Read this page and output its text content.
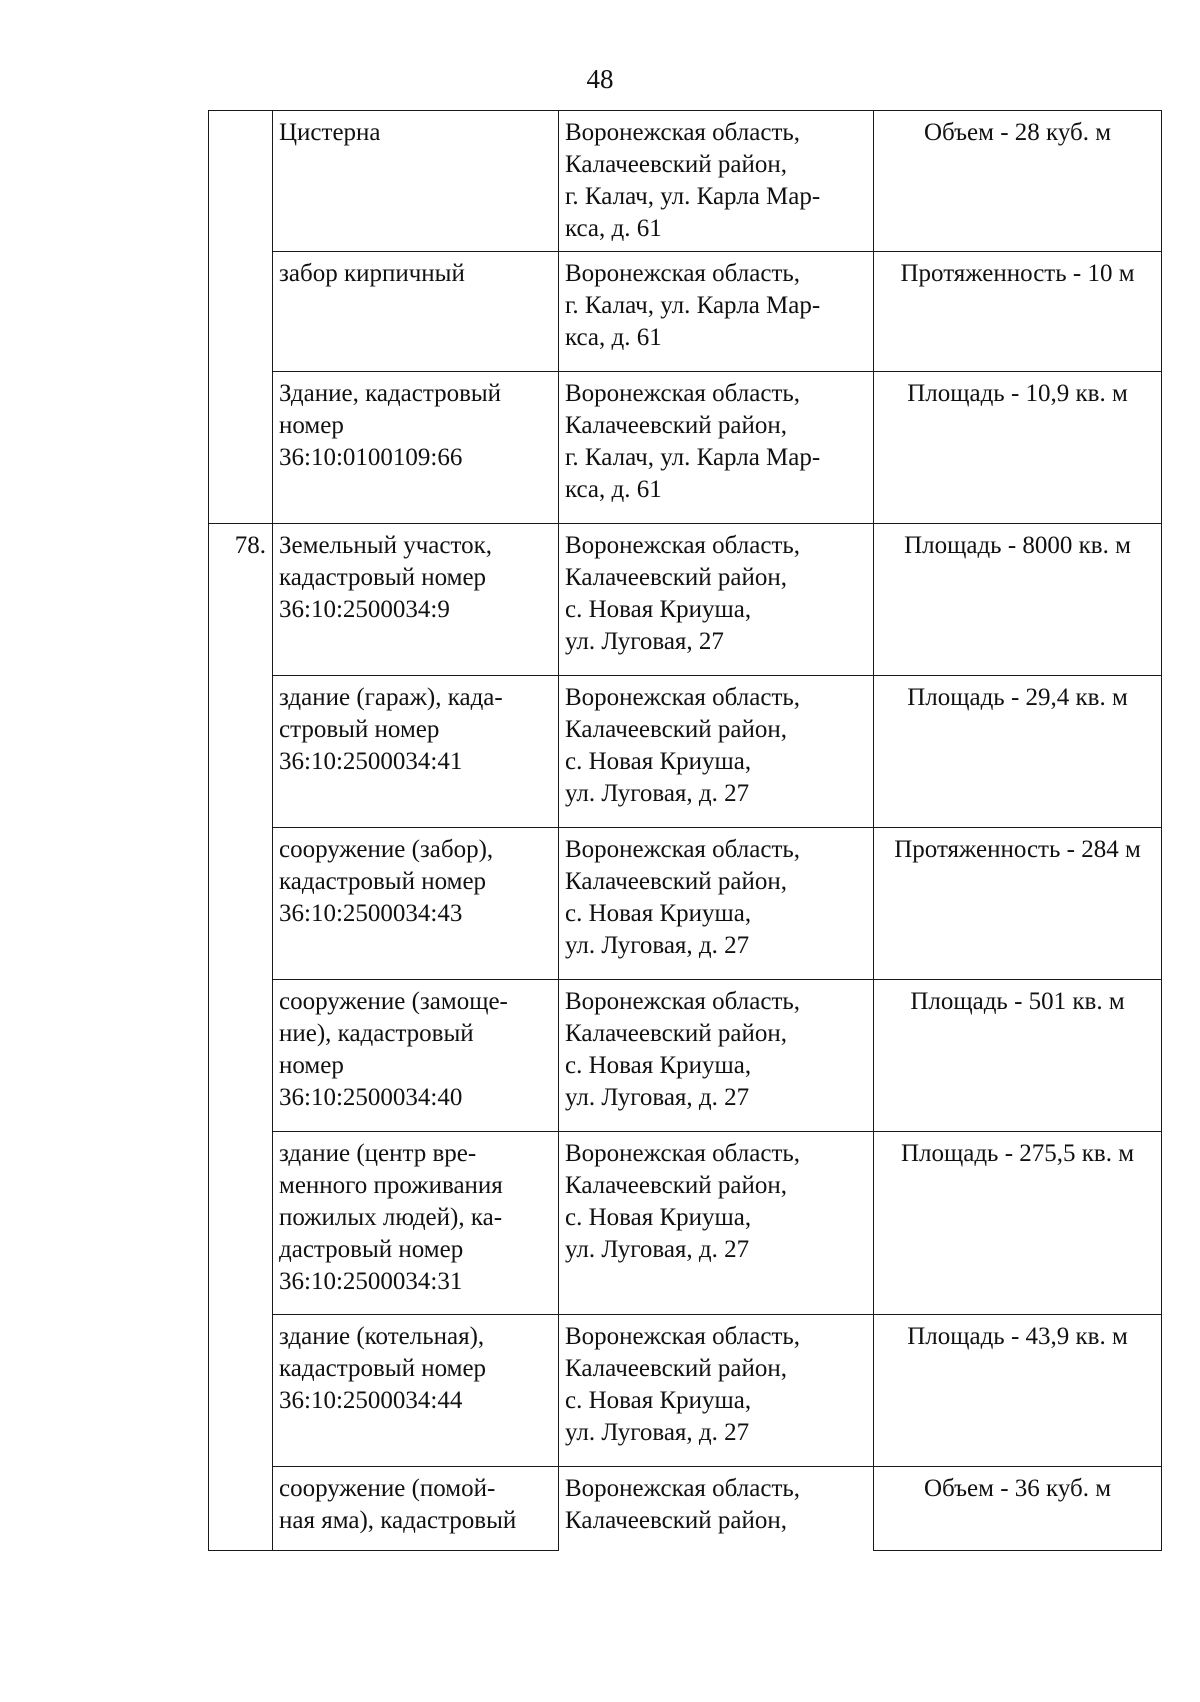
48

	Цистерна	Воронежская область,
Калачеевский район,
г. Калач, ул. Карла Мар-
кса, д. 61	Объем - 28 куб. м

	забор кирпичный	Воронежская область,
г. Калач, ул. Карла Мар-
кса, д. 61	Протяженность - 10 м

	Здание, кадастровый
номер
36:10:0100109:66	Воронежская область,
Калачеевский район,
г. Калач, ул. Карла Мар-
кса, д. 61	Площадь - 10,9 кв. м
78.	Земельный участок,
кадастровый номер
36:10:2500034:9	Воронежская область,
Калачеевский район,
с. Новая Криуша,
ул. Луговая, 27	Площадь - 8000 кв. м

	здание (гараж), када-
стровый номер
36:10:2500034:41	Воронежская область,
Калачеевский район,
с. Новая Криуша,
ул. Луговая, д. 27	Площадь - 29,4 кв. м

	сооружение (забор),
кадастровый номер
36:10:2500034:43	Воронежская область,
Калачеевский район,
с. Новая Криуша,
ул. Луговая, д. 27	Протяженность - 284 м

	сооружение (замоще-
ние), кадастровый
номер
36:10:2500034:40	Воронежская область,
Калачеевский район,
с. Новая Криуша,
ул. Луговая, д. 27	Площадь - 501 кв. м

	здание (центр вре-
менного проживания
пожилых людей), ка-
дастровый номер
36:10:2500034:31	Воронежская область,
Калачеевский район,
с. Новая Криуша,
ул. Луговая, д. 27	Площадь - 275,5 кв. м

	здание (котельная),
кадастровый номер
36:10:2500034:44	Воронежская область,
Калачеевский район,
с. Новая Криуша,
ул. Луговая, д. 27	Площадь - 43,9 кв. м

	сооружение (помой-
ная яма), кадастровый	Воронежская область,
Калачеевский район,	Объем - 36 куб. м
